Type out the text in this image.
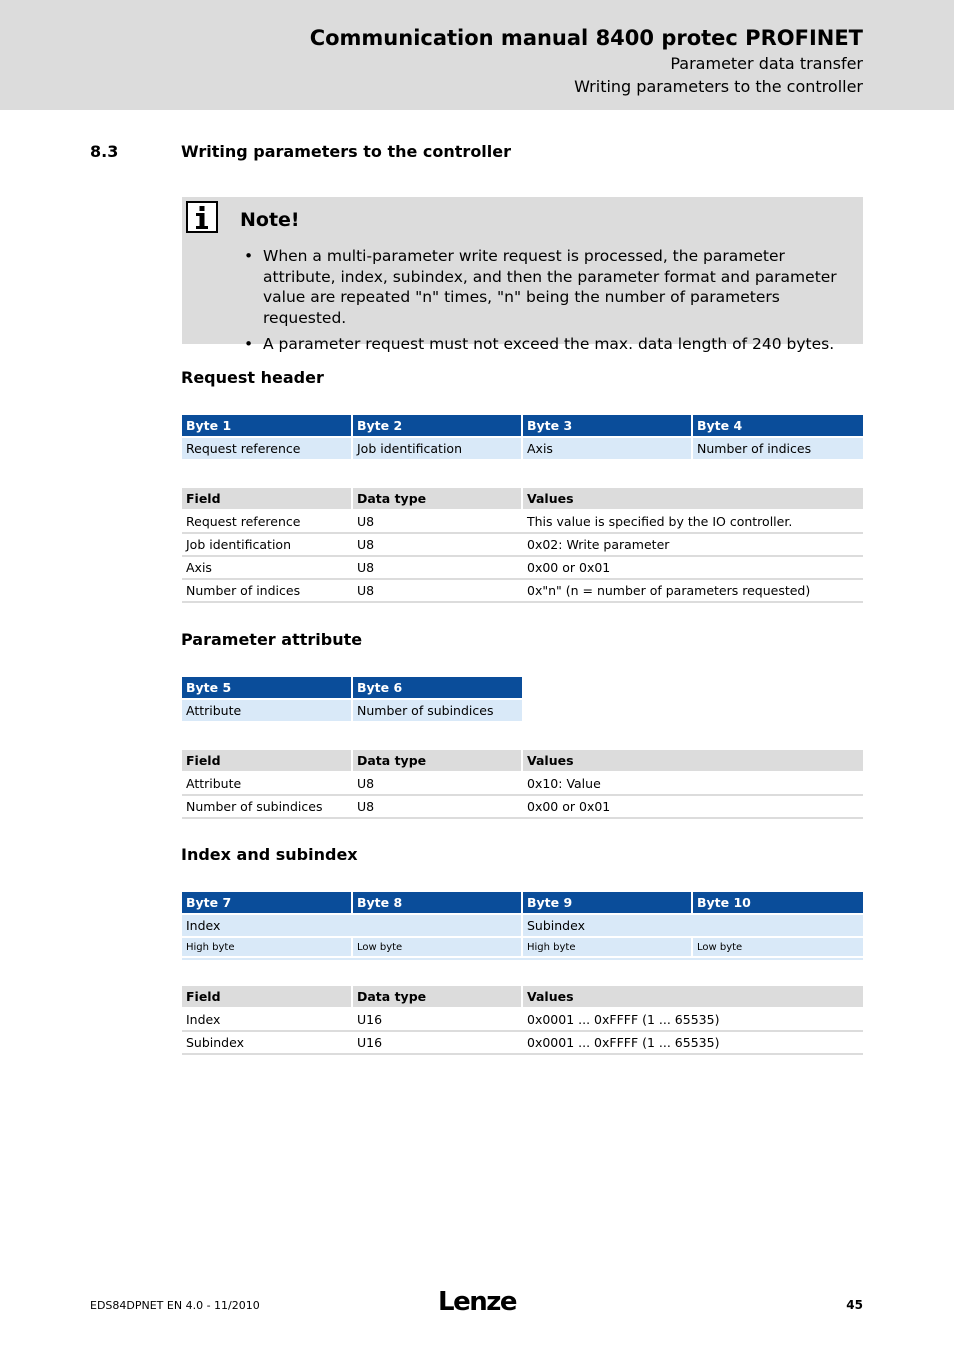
Communication manual 8400 protec PROFINET
Parameter data transfer
Writing parameters to the controller
8.3	Writing parameters to the controller
Note!
• When a multi-parameter write request is processed, the parameter attribute, index, subindex, and then the parameter format and parameter value are repeated "n" times, "n" being the number of parameters requested.
• A parameter request must not exceed the max. data length of 240 bytes.
Request header
Byte 1	Byte 2	Byte 3	Byte 4
Request reference	Job identification	Axis	Number of indices
Field	Data type	Values
Request reference	U8	This value is specified by the IO controller.
Job identification	U8	0x02: Write parameter
Axis	U8	0x00 or 0x01
Number of indices	U8	0x"n" (n = number of parameters requested)
Parameter attribute
Byte 5	Byte 6
Attribute	Number of subindices
Field	Data type	Values
Attribute	U8	0x10: Value
Number of subindices	U8	0x00 or 0x01
Index and subindex
Byte 7	Byte 8	Byte 9	Byte 10
Index		Subindex	
High byte	Low byte	High byte	Low byte
Field	Data type	Values
Index	U16	0x0001 ... 0xFFFF (1 ... 65535)
Subindex	U16	0x0001 ... 0xFFFF (1 ... 65535)
EDS84DPNET EN 4.0 - 11/2010	Lenze	45
